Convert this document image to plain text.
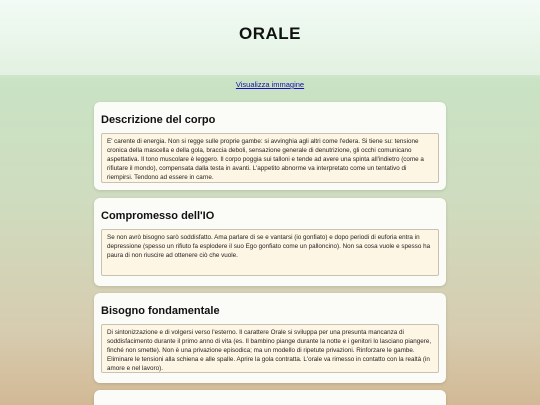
ORALE
Visualizza immagine
Descrizione del corpo
E' carente di energia. Non si regge sulle proprie gambe: si avvinghia agli altri come l'edera. Si tiene su: tensione cronica della mascella e della gola, braccia deboli, sensazione generale di denutrizione, gli occhi comunicano aspettativa. Il tono muscolare è leggero. Il corpo poggia sui talloni e tende ad avere una spinta all'indietro (come a rifiutare il mondo), compensata dalla testa in avanti. L'appetito abnorme va interpretato come un tentativo di riempirsi. Tendono ad essere in carne.
Compromesso dell'IO
Se non avrò bisogno sarò soddisfatto. Ama parlare di se e vantarsi (io gonfiato) e dopo periodi di euforia entra in depressione (spesso un rifiuto fa esplodere il suo Ego gonfiato come un palloncino). Non sa cosa vuole e spesso ha paura di non riuscire ad ottenere ciò che vuole.
Bisogno fondamentale
Di sintonizzazione e di volgersi verso l'esterno. Il carattere Orale si sviluppa per una presunta mancanza di soddisfacimento durante il primo anno di vita (es. Il bambino piange durante la notte e i genitori lo lasciano piangere, finché non smette). Non è una privazione episodica; ma un modello di ripetute privazioni. Rinforzare le gambe. Eliminare le tensioni alla schiena e alle spalle. Aprire la gola contratta. L'orale va rimesso in contatto con la realtà (in amore e nel lavoro).
